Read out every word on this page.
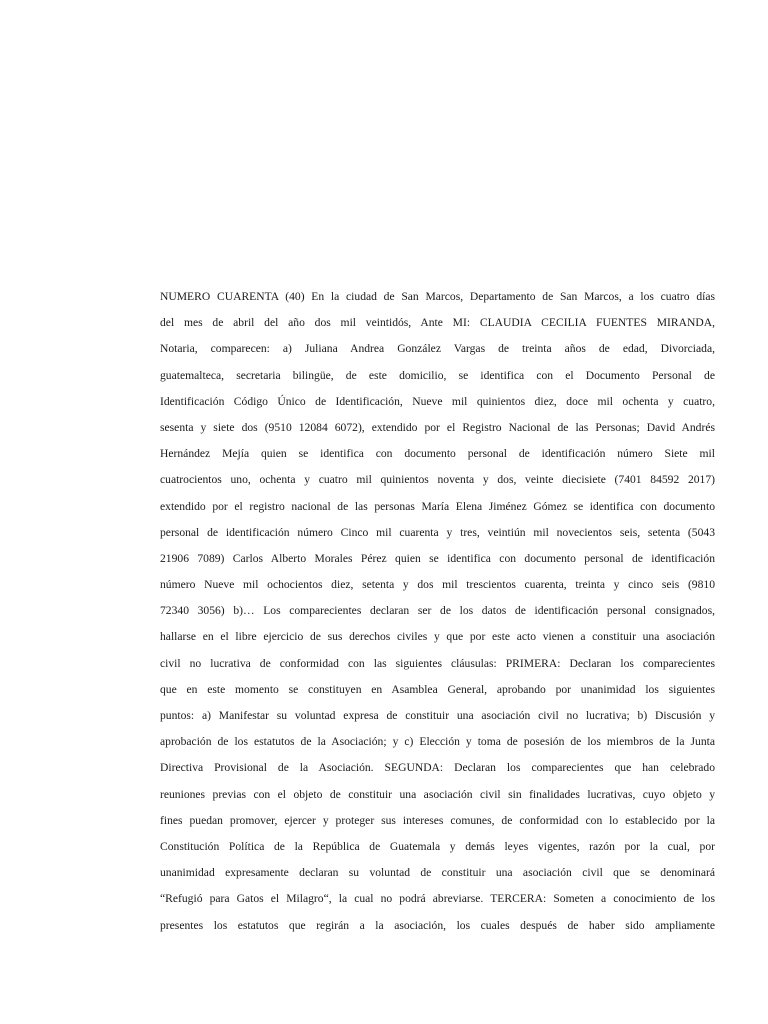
NUMERO CUARENTA (40) En la ciudad de San Marcos, Departamento de San Marcos, a los cuatro días
del mes de abril del año dos mil veintidós, Ante MI: CLAUDIA CECILIA FUENTES MIRANDA,
Notaria, comparecen: a) Juliana Andrea González Vargas de treinta años de edad, Divorciada,
guatemalteca, secretaria bilingüe, de este domicilio, se identifica con el Documento Personal de
Identificación Código Único de Identificación, Nueve mil quinientos diez, doce mil ochenta y cuatro,
sesenta y siete dos (9510 12084 6072), extendido por el Registro Nacional de las Personas; David Andrés
Hernández Mejía quien se identifica con documento personal de identificación número Siete mil
cuatrocientos uno, ochenta y cuatro mil quinientos noventa y dos, veinte diecisiete (7401 84592 2017)
extendido por el registro nacional de las personas María Elena Jiménez Gómez se identifica con documento
personal de identificación número Cinco mil cuarenta y tres, veintiún mil novecientos seis, setenta (5043
21906 7089) Carlos Alberto Morales Pérez quien se identifica con documento personal de identificación
número Nueve mil ochocientos diez, setenta y dos mil trescientos cuarenta, treinta y cinco seis (9810
72340 3056) b)… Los comparecientes declaran ser de los datos de identificación personal consignados,
hallarse en el libre ejercicio de sus derechos civiles y que por este acto vienen a constituir una asociación
civil no lucrativa de conformidad con las siguientes cláusulas: PRIMERA: Declaran los comparecientes
que en este momento se constituyen en Asamblea General, aprobando por unanimidad los siguientes
puntos: a) Manifestar su voluntad expresa de constituir una asociación civil no lucrativa; b) Discusión y
aprobación de los estatutos de la Asociación; y c) Elección y toma de posesión de los miembros de la Junta
Directiva Provisional de la Asociación. SEGUNDA: Declaran los comparecientes que han celebrado
reuniones previas con el objeto de constituir una asociación civil sin finalidades lucrativas, cuyo objeto y
fines puedan promover, ejercer y proteger sus intereses comunes, de conformidad con lo establecido por la
Constitución Política de la República de Guatemala y demás leyes vigentes, razón por la cual, por
unanimidad expresamente declaran su voluntad de constituir una asociación civil que se denominará
“Refugió para Gatos el Milagro“, la cual no podrá abreviarse. TERCERA: Someten a conocimiento de los
presentes los estatutos que regirán a la asociación, los cuales después de haber sido ampliamente
